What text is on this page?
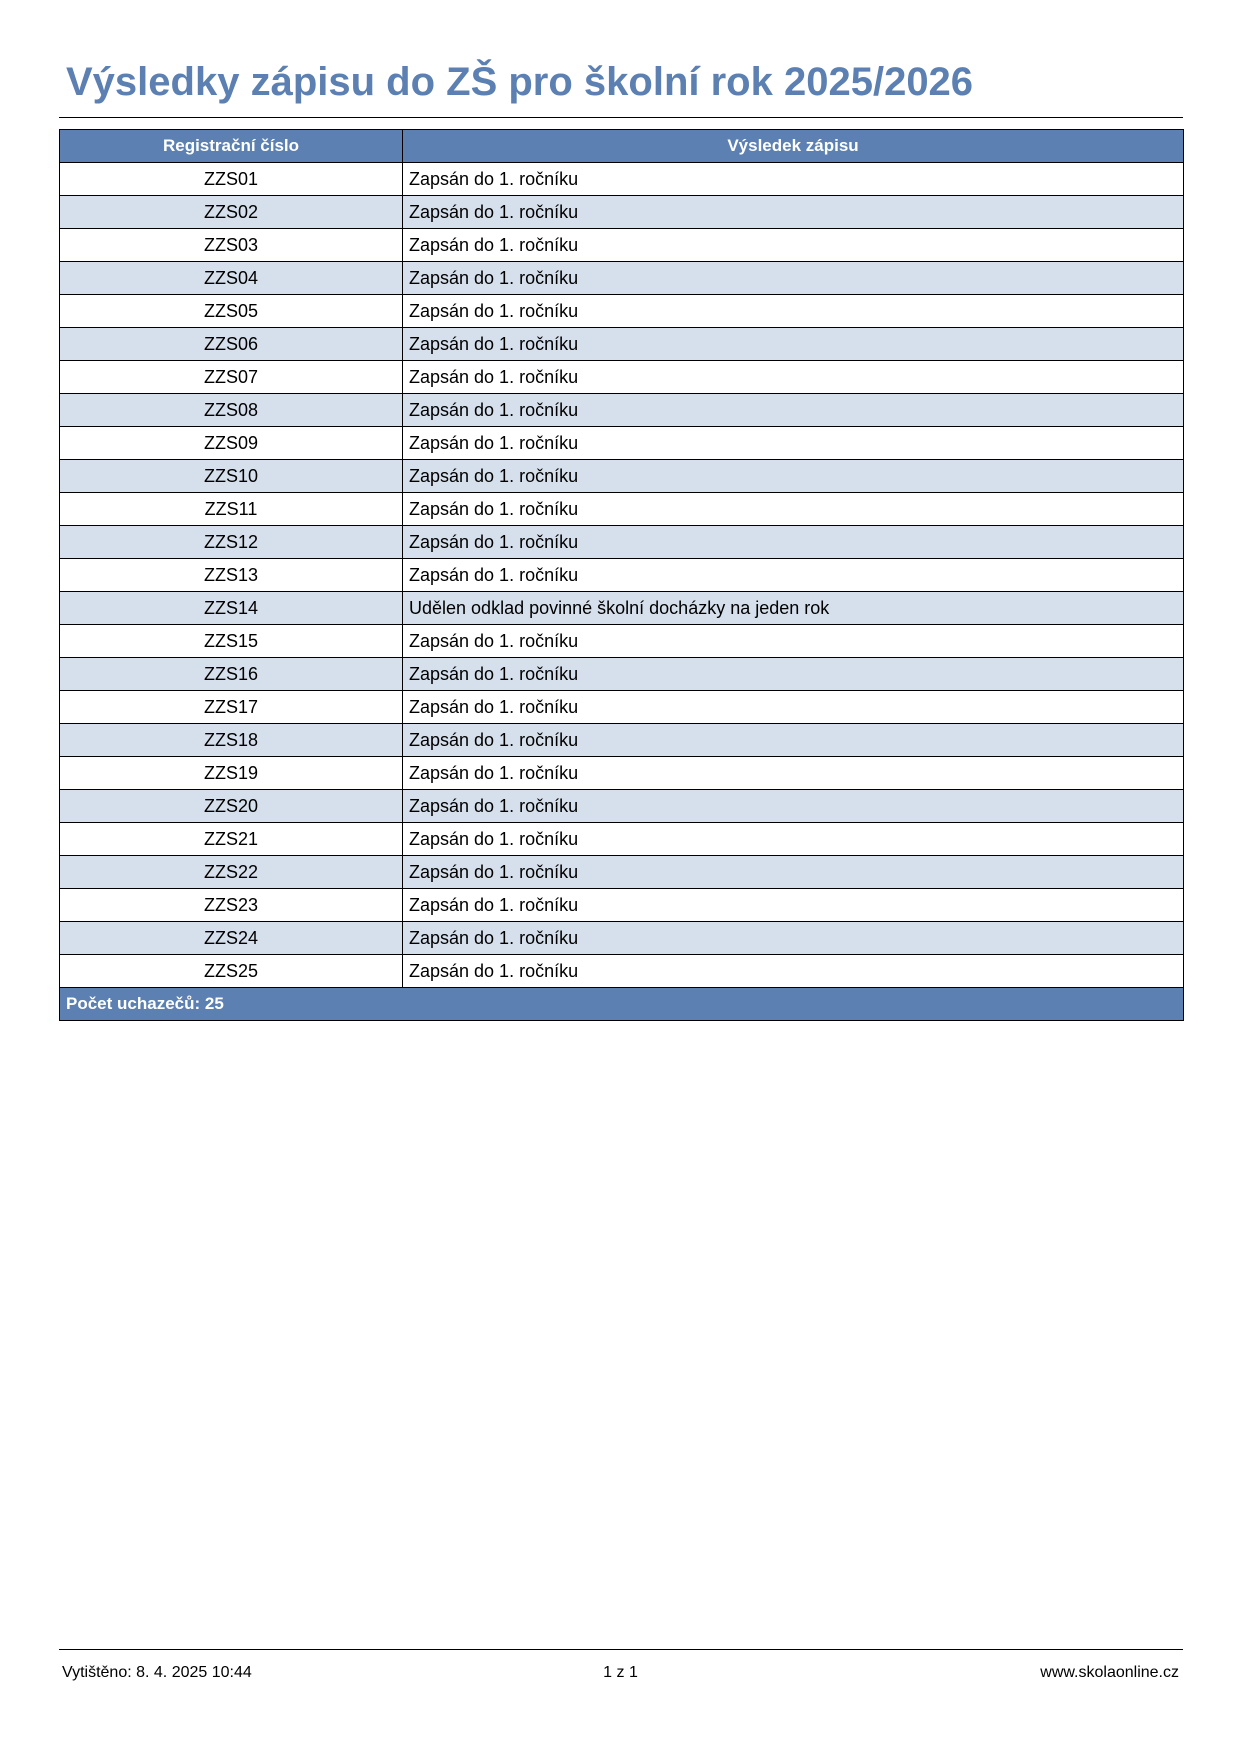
Výsledky zápisu do ZŠ pro školní rok 2025/2026
Registrační číslo	Výsledek zápisu
ZZS01	Zapsán do 1. ročníku
ZZS02	Zapsán do 1. ročníku
ZZS03	Zapsán do 1. ročníku
ZZS04	Zapsán do 1. ročníku
ZZS05	Zapsán do 1. ročníku
ZZS06	Zapsán do 1. ročníku
ZZS07	Zapsán do 1. ročníku
ZZS08	Zapsán do 1. ročníku
ZZS09	Zapsán do 1. ročníku
ZZS10	Zapsán do 1. ročníku
ZZS11	Zapsán do 1. ročníku
ZZS12	Zapsán do 1. ročníku
ZZS13	Zapsán do 1. ročníku
ZZS14	Udělen odklad povinné školní docházky na jeden rok
ZZS15	Zapsán do 1. ročníku
ZZS16	Zapsán do 1. ročníku
ZZS17	Zapsán do 1. ročníku
ZZS18	Zapsán do 1. ročníku
ZZS19	Zapsán do 1. ročníku
ZZS20	Zapsán do 1. ročníku
ZZS21	Zapsán do 1. ročníku
ZZS22	Zapsán do 1. ročníku
ZZS23	Zapsán do 1. ročníku
ZZS24	Zapsán do 1. ročníku
ZZS25	Zapsán do 1. ročníku
Počet uchazečů: 25	
Vytištěno: 8. 4. 2025 10:44	1 z 1	www.skolaonline.cz
